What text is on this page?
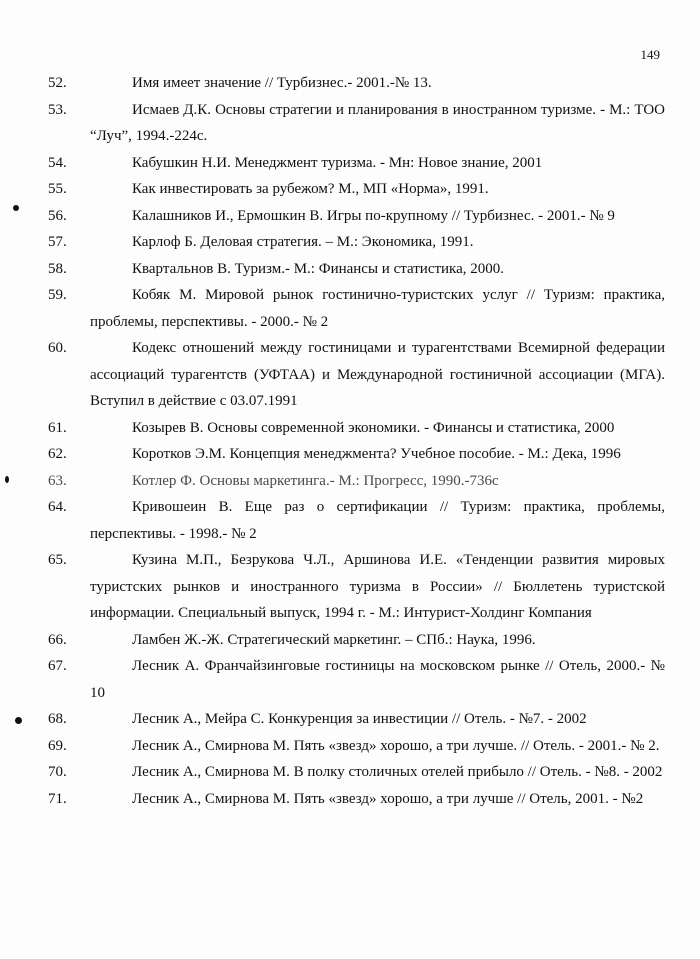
149

52.	Имя имеет значение // Турбизнес.- 2001.-№ 13.

53.	Исмаев Д.К. Основы стратегии и планирования в иностранном туризме. - М.: ТОО “Луч”, 1994.-224с.

54.	Кабушкин Н.И. Менеджмент туризма. - Мн: Новое знание, 2001

55.	Как инвестировать за рубежом? М., МП «Норма», 1991.

56.	Калашников И., Ермошкин В. Игры по-крупному // Турбизнес. - 2001.- № 9

57.	Карлоф Б. Деловая стратегия. – М.: Экономика, 1991.

58.	Квартальнов В. Туризм.- М.: Финансы и статистика, 2000.

59.	Кобяк М. Мировой рынок гостинично-туристских услуг // Туризм: практика, проблемы, перспективы. - 2000.- № 2

60.	Кодекс отношений между гостиницами и турагентствами Всемирной федерации ассоциаций турагентств (УФТАА) и Международной гостиничной ассоциации (МГА). Вступил в действие с 03.07.1991

61.	Козырев В. Основы современной экономики. - Финансы и статистика, 2000

62.	Коротков Э.М. Концепция менеджмента? Учебное пособие. - М.: Дека, 1996

63.	Котлер Ф. Основы маркетинга.- М.: Прогресс, 1990.-736с

64.	Кривошеин В. Еще раз о сертификации // Туризм: практика, проблемы, перспективы. - 1998.- № 2

65.	Кузина М.П., Безрукова Ч.Л., Аршинова И.Е. «Тенденции развития мировых туристских рынков и иностранного туризма в России» // Бюллетень туристской информации. Специальный выпуск, 1994 г. - М.: Интурист-Холдинг Компания

66.	Ламбен Ж.-Ж. Стратегический маркетинг. – СПб.: Наука, 1996.

67.	Лесник А. Франчайзинговые гостиницы на московском рынке // Отель, 2000.- № 10

68.	Лесник А., Мейра С. Конкуренция за инвестиции // Отель. - №7. - 2002

69.	Лесник А., Смирнова М. Пять «звезд» хорошо, а три лучше. // Отель. - 2001.- № 2.

70.	Лесник А., Смирнова М. В полку столичных отелей прибыло // Отель. - №8. - 2002

71.	Лесник А., Смирнова М. Пять «звезд» хорошо, а три лучше // Отель, 2001. - №2
